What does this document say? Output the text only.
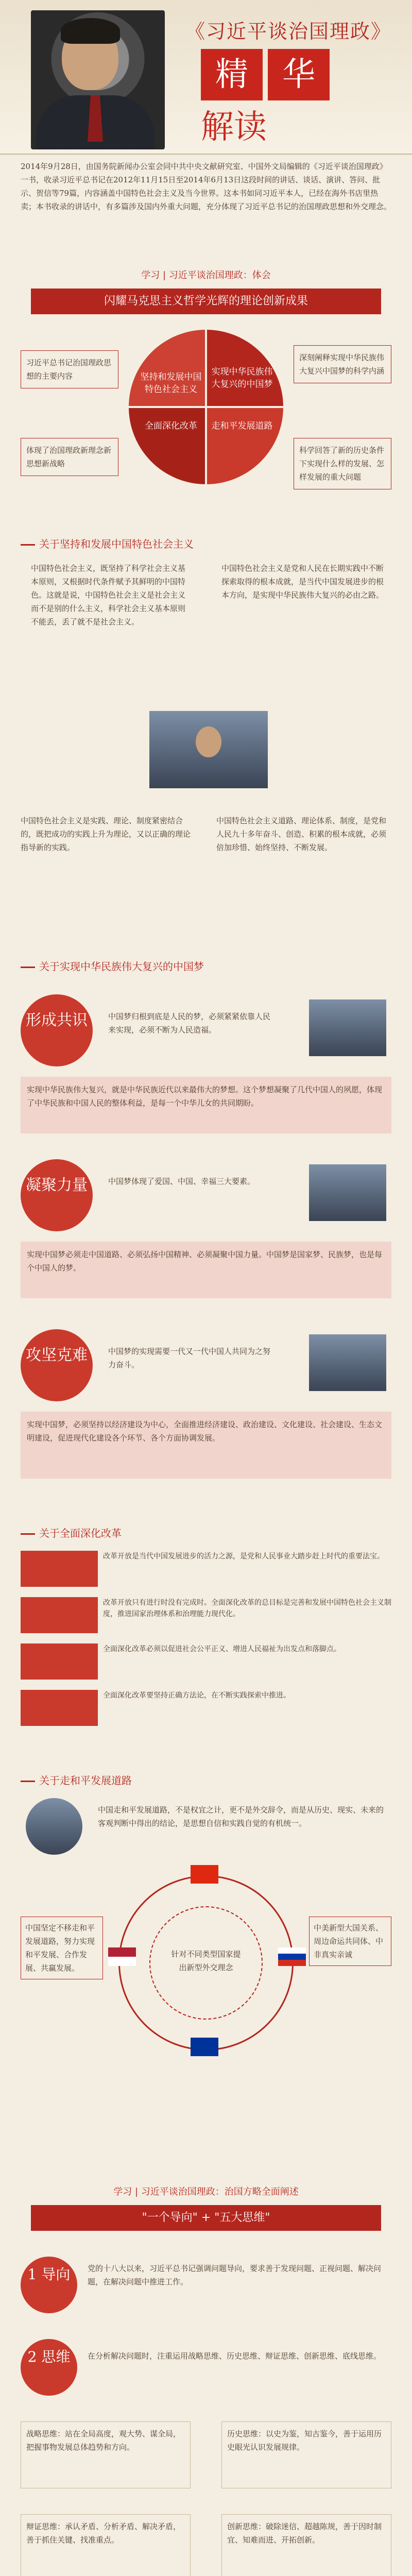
《习近平谈治国理政》
精 华解读
2014年9月28日，由国务院新闻办公室会同中共中央文献研究室、中国外文局编辑的《习近平谈治国理政》一书，收录习近平总书记在2012年11月15日至2014年6月13日这段时间的讲话、谈话、演讲、答问、批示、贺信等79篇，内容涵盖中国特色社会主义及当今世界。这本书如同习近平本人，已经在海外书店里热卖；本书收录的讲话中，有多篇涉及国内外重大问题，充分体现了习近平总书记的治国理政思想和外交理念。
学习 | 习近平谈治国理政：体会
闪耀马克思主义哲学光辉的理论创新成果
坚持和发展中国特色社会主义
实现中华民族伟大复兴的中国梦
全面深化改革	走和平发展道路
习近平总书记治国理政思想的主要内容
深刻阐释实现中华民族伟大复兴中国梦的科学内涵
体现了治国理政新理念新思想新战略
科学回答了新的历史条件下实现什么样的发展、怎样发展的重大问题
关于坚持和发展中国特色社会主义
中国特色社会主义，既坚持了科学社会主义基本原则，又根据时代条件赋予其鲜明的中国特色。这就是说，中国特色社会主义是社会主义而不是别的什么主义，科学社会主义基本原则不能丢，丢了就不是社会主义。
中国特色社会主义是党和人民在长期实践中不断探索取得的根本成就，是当代中国发展进步的根本方向，是实现中华民族伟大复兴的必由之路。
中国特色社会主义是实践、理论、制度紧密结合的，既把成功的实践上升为理论，又以正确的理论指导新的实践。
中国特色社会主义道路、理论体系、制度，是党和人民九十多年奋斗、创造、积累的根本成就，必须倍加珍惜、始终坚持、不断发展。
关于实现中华民族伟大复兴的中国梦
形成共识	中国梦归根到底是人民的梦，必须紧紧依靠人民来实现，必须不断为人民造福。
实现中华民族伟大复兴，就是中华民族近代以来最伟大的梦想。这个梦想凝聚了几代中国人的夙愿，体现了中华民族和中国人民的整体利益，是每一个中华儿女的共同期盼。
凝聚力量	中国梦体现了爱国、中国、幸福三大要素。
实现中国梦必须走中国道路、必须弘扬中国精神、必须凝聚中国力量。中国梦是国家梦、民族梦，也是每个中国人的梦。
攻坚克难	中国梦的实现需要一代又一代中国人共同为之努力奋斗。
实现中国梦，必须坚持以经济建设为中心，全面推进经济建设、政治建设、文化建设、社会建设、生态文明建设，促进现代化建设各个环节、各个方面协调发展。
关于全面深化改革
改革开放是当代中国发展进步的活力之源，是党和人民事业大踏步赶上时代的重要法宝。
改革开放只有进行时没有完成时。全面深化改革的总目标是完善和发展中国特色社会主义制度，推进国家治理体系和治理能力现代化。
全面深化改革必须以促进社会公平正义、增进人民福祉为出发点和落脚点。
全面深化改革要坚持正确方法论，在不断实践探索中推进。
关于走和平发展道路
中国走和平发展道路，不是权宜之计，更不是外交辞令，而是从历史、现实、未来的客观判断中得出的结论，是思想自信和实践自觉的有机统一。
针对不同类型国家提出新型外交理念
中国坚定不移走和平发展道路，努力实现和平发展、合作发展、共赢发展。
中美新型大国关系、周边命运共同体、中非真实亲诚
学习 | 习近平谈治国理政：治国方略全面阐述
"一个导向" + "五大思维"
1 导向	党的十八大以来，习近平总书记强调问题导向，要求善于发现问题、正视问题、解决问题，在解决问题中推进工作。
2 思维	在分析解决问题时，注重运用战略思维、历史思维、辩证思维、创新思维、底线思维。
战略思维：站在全局高度，观大势、谋全局，把握事物发展总体趋势和方向。
历史思维：以史为鉴，知古鉴今，善于运用历史眼光认识发展规律。
辩证思维：承认矛盾、分析矛盾、解决矛盾，善于抓住关键、找准重点。
创新思维：破除迷信、超越陈规，善于因时制宜、知难而进、开拓创新。
